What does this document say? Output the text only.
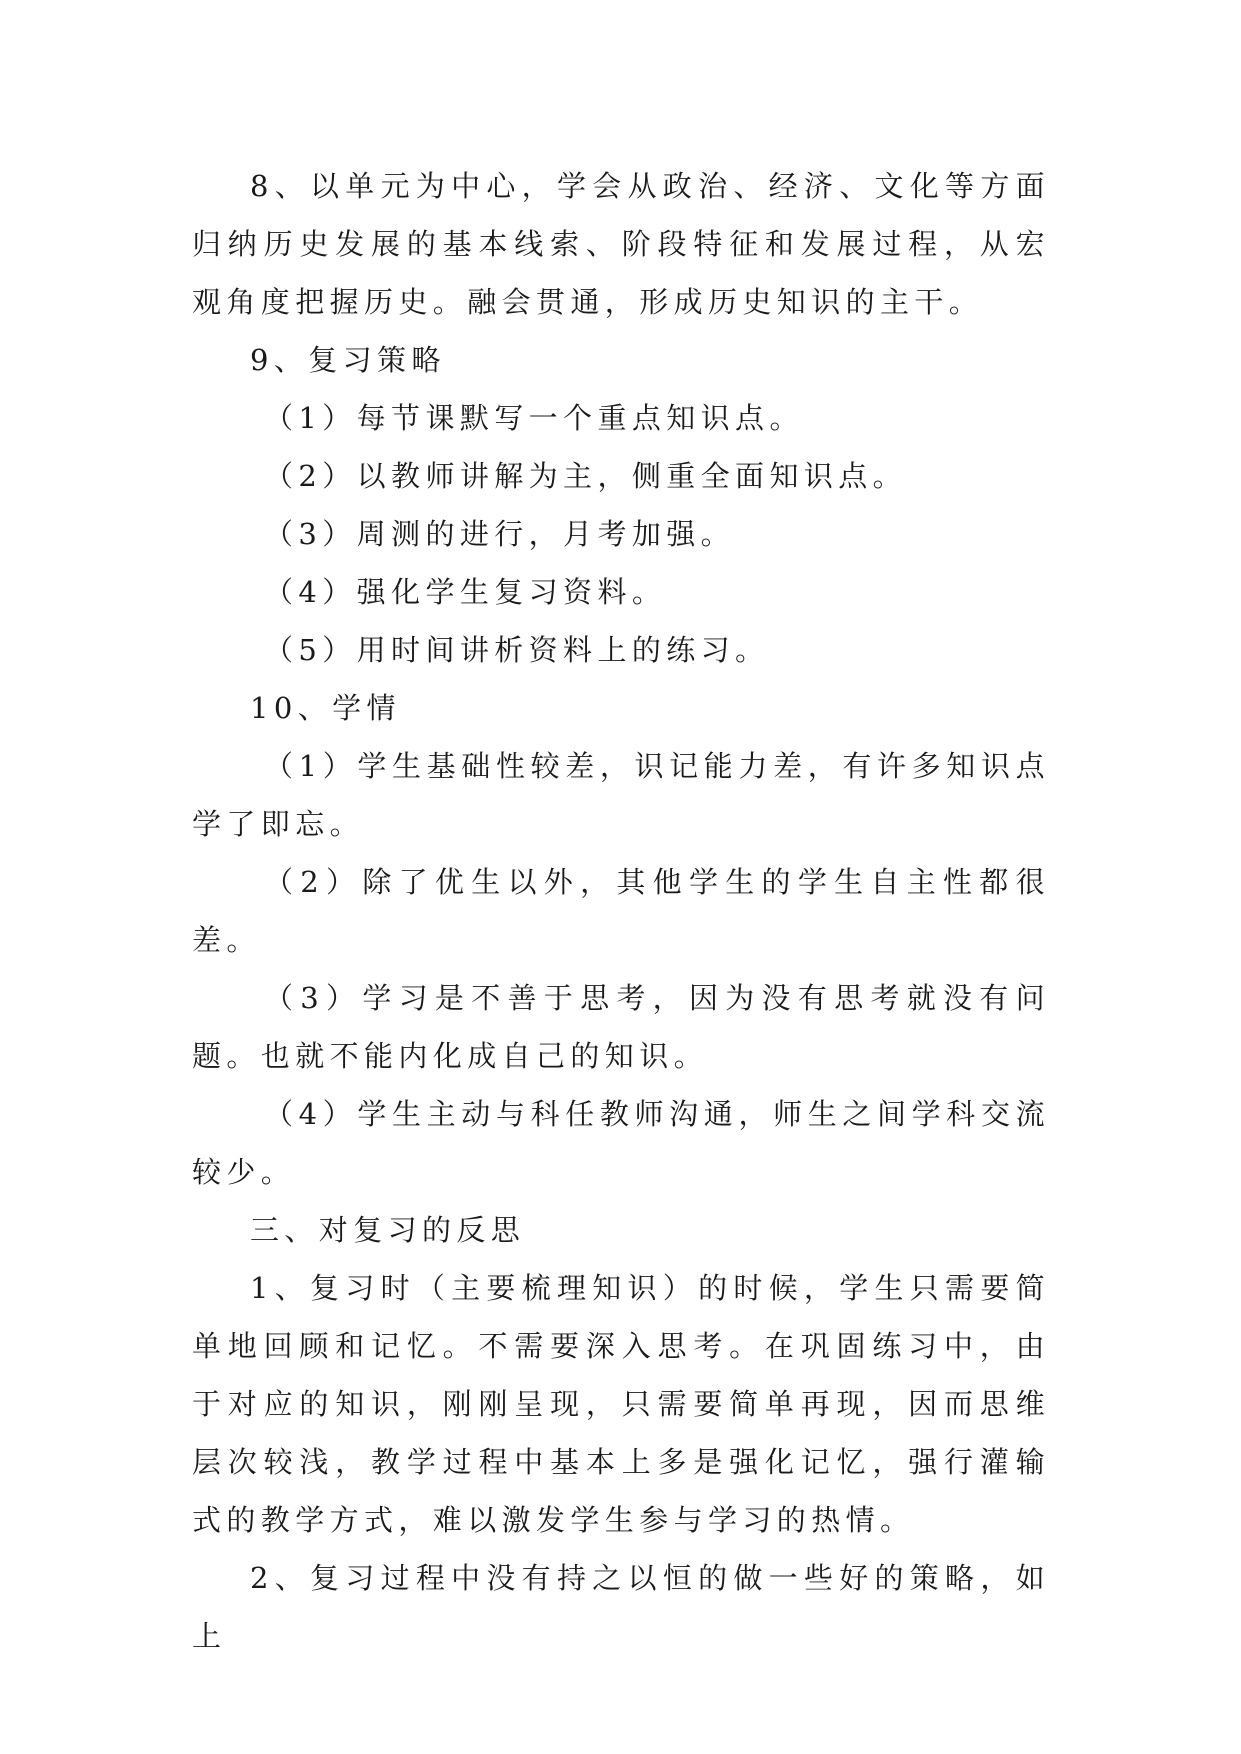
8、以单元为中心，学会从政治、经济、文化等方面归纳历史发展的基本线索、阶段特征和发展过程，从宏观角度把握历史。融会贯通，形成历史知识的主干。

9、复习策略

（1）每节课默写一个重点知识点。

（2）以教师讲解为主，侧重全面知识点。

（3）周测的进行，月考加强。

（4）强化学生复习资料。

（5）用时间讲析资料上的练习。

10、学情

（1）学生基础性较差，识记能力差，有许多知识点学了即忘。

（2）除了优生以外，其他学生的学生自主性都很差。

（3）学习是不善于思考，因为没有思考就没有问题。也就不能内化成自己的知识。

（4）学生主动与科任教师沟通，师生之间学科交流较少。

三、对复习的反思

1、复习时（主要梳理知识）的时候，学生只需要简单地回顾和记忆。不需要深入思考。在巩固练习中，由于对应的知识，刚刚呈现，只需要简单再现，因而思维层次较浅，教学过程中基本上多是强化记忆，强行灌输式的教学方式，难以激发学生参与学习的热情。

2、复习过程中没有持之以恒的做一些好的策略，如上
